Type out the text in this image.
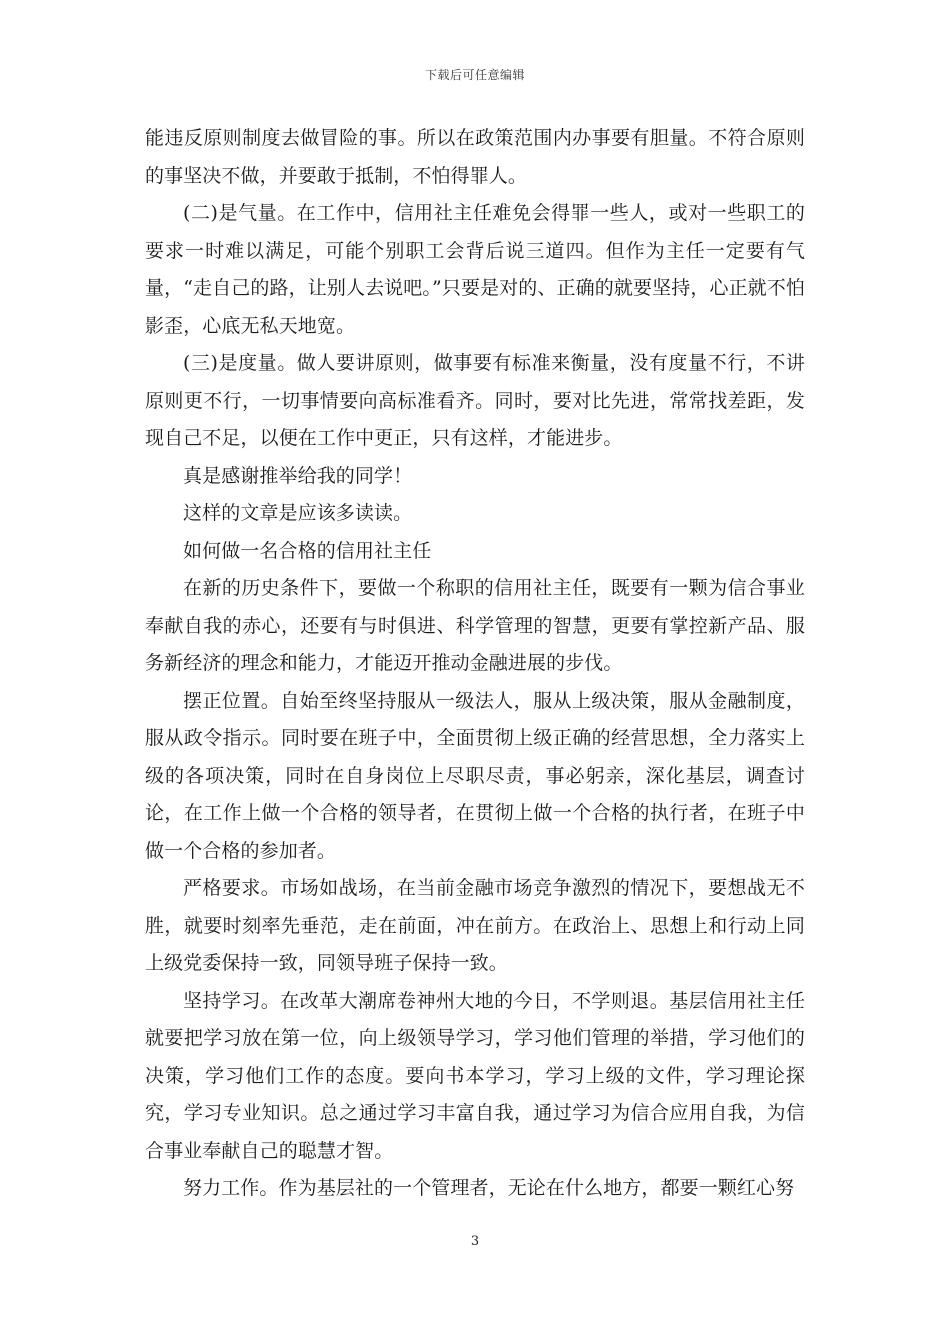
下载后可任意编辑

能违反原则制度去做冒险的事。所以在政策范围内办事要有胆量。不符合原则的事坚决不做，并要敢于抵制，不怕得罪人。

(二)是气量。在工作中，信用社主任难免会得罪一些人，或对一些职工的要求一时难以满足，可能个别职工会背后说三道四。但作为主任一定要有气量，“走自己的路，让别人去说吧。”只要是对的、正确的就要坚持，心正就不怕影歪，心底无私天地宽。

(三)是度量。做人要讲原则，做事要有标准来衡量，没有度量不行，不讲原则更不行，一切事情要向高标准看齐。同时，要对比先进，常常找差距，发现自己不足，以便在工作中更正，只有这样，才能进步。

真是感谢推举给我的同学！

这样的文章是应该多读读。

如何做一名合格的信用社主任

在新的历史条件下，要做一个称职的信用社主任，既要有一颗为信合事业奉献自我的赤心，还要有与时俱进、科学管理的智慧，更要有掌控新产品、服务新经济的理念和能力，才能迈开推动金融进展的步伐。

摆正位置。自始至终坚持服从一级法人，服从上级决策，服从金融制度，服从政令指示。同时要在班子中，全面贯彻上级正确的经营思想，全力落实上级的各项决策，同时在自身岗位上尽职尽责，事必躬亲，深化基层，调查讨论，在工作上做一个合格的领导者，在贯彻上做一个合格的执行者，在班子中做一个合格的参加者。

严格要求。市场如战场，在当前金融市场竞争激烈的情况下，要想战无不胜，就要时刻率先垂范，走在前面，冲在前方。在政治上、思想上和行动上同上级党委保持一致，同领导班子保持一致。

坚持学习。在改革大潮席卷神州大地的今日，不学则退。基层信用社主任就要把学习放在第一位，向上级领导学习，学习他们管理的举措，学习他们的决策，学习他们工作的态度。要向书本学习，学习上级的文件，学习理论探究，学习专业知识。总之通过学习丰富自我，通过学习为信合应用自我，为信合事业奉献自己的聪慧才智。

努力工作。作为基层社的一个管理者，无论在什么地方，都要一颗红心努

3
